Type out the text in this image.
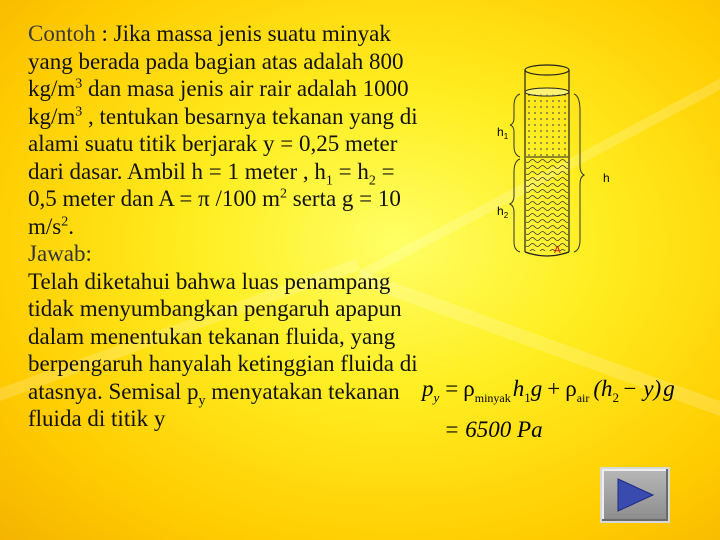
Contoh : Jika massa jenis suatu minyak yang berada pada bagian atas adalah 800 $kg/m^3$ dan masa jenis air rair adalah 1000 $kg/m^3$ , tentukan besarnya tekanan yang di alami suatu titik berjarak y = 0,25 meter dari dasar. Ambil h = 1 meter , $h_1 = h_2 = 0,5$ meter dan A = π /100 $m^2$ serta g = 10 $m/s^2$.

Jawab:

Telah diketahui bahwa luas penampang tidak menyumbangkan pengaruh apapun dalam menentukan tekanan fluida, yang berpengaruh hanyalah ketinggian fluida di atasnya. Semisal $p_y$ menyatakan tekanan fluida di titik y

$h_1$
$h_2$
h
A
$p_y = \rho_{minyak}h_1g + \rho_{air}$ $(h_2 - y)g$
= 6500 Pa
